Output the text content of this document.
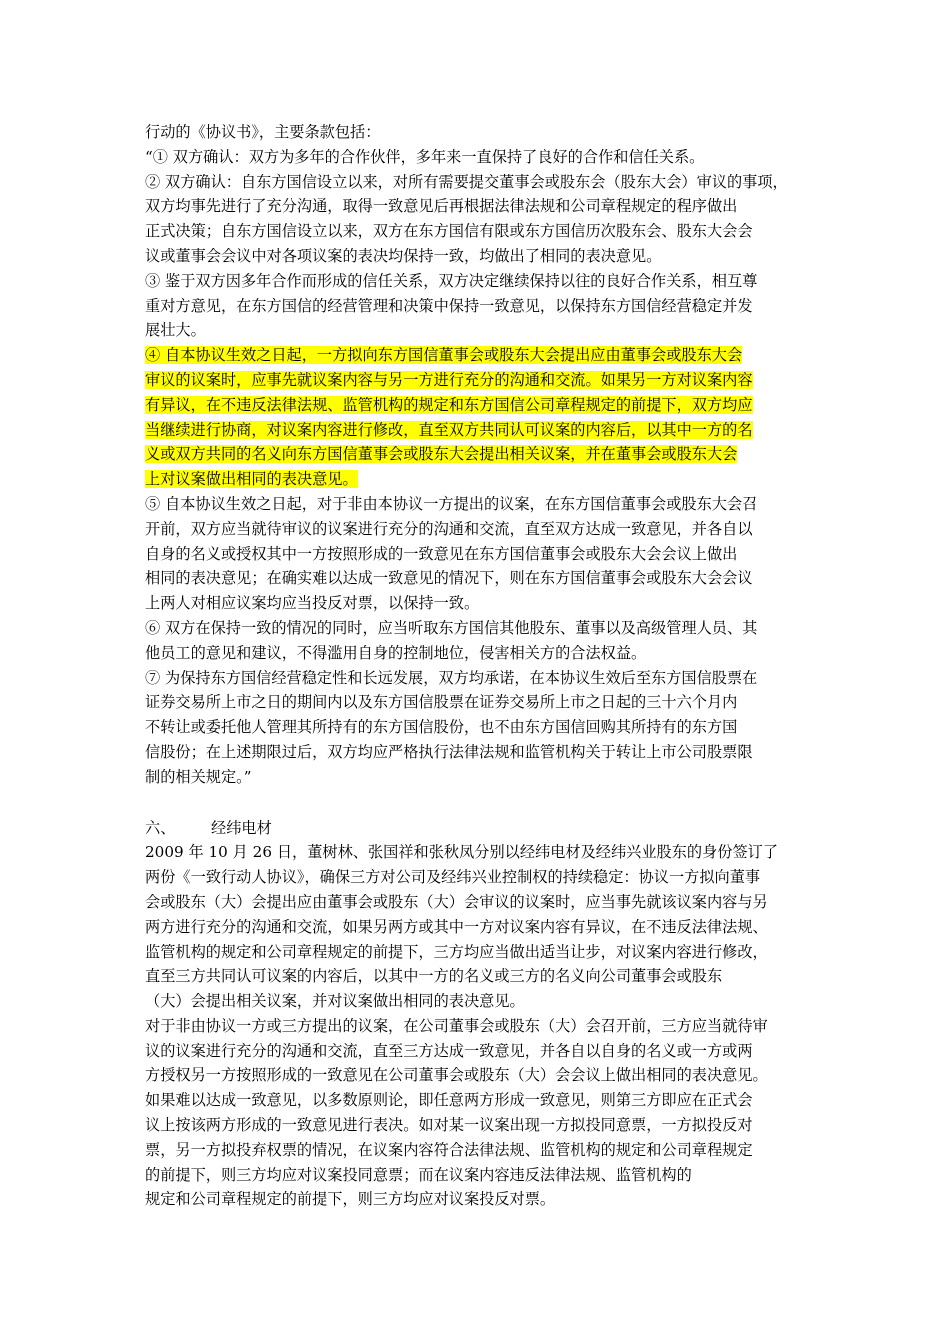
行动的《协议书》，主要条款包括：
“① 双方确认：双方为多年的合作伙伴，多年来一直保持了良好的合作和信任关系。
② 双方确认：自东方国信设立以来，对所有需要提交董事会或股东会（股东大会）审议的事项，
双方均事先进行了充分沟通，取得一致意见后再根据法律法规和公司章程规定的程序做出
正式决策；自东方国信设立以来，双方在东方国信有限或东方国信历次股东会、股东大会会
议或董事会会议中对各项议案的表决均保持一致，均做出了相同的表决意见。
③ 鉴于双方因多年合作而形成的信任关系，双方决定继续保持以往的良好合作关系，相互尊
重对方意见，在东方国信的经营管理和决策中保持一致意见，以保持东方国信经营稳定并发
展壮大。
④ 自本协议生效之日起，一方拟向东方国信董事会或股东大会提出应由董事会或股东大会
审议的议案时，应事先就议案内容与另一方进行充分的沟通和交流。如果另一方对议案内容
有异议，在不违反法律法规、监管机构的规定和东方国信公司章程规定的前提下，双方均应
当继续进行协商，对议案内容进行修改，直至双方共同认可议案的内容后，以其中一方的名
义或双方共同的名义向东方国信董事会或股东大会提出相关议案，并在董事会或股东大会
上对议案做出相同的表决意见。
⑤ 自本协议生效之日起，对于非由本协议一方提出的议案，在东方国信董事会或股东大会召
开前，双方应当就待审议的议案进行充分的沟通和交流，直至双方达成一致意见，并各自以
自身的名义或授权其中一方按照形成的一致意见在东方国信董事会或股东大会会议上做出
相同的表决意见；在确实难以达成一致意见的情况下，则在东方国信董事会或股东大会会议
上两人对相应议案均应当投反对票，以保持一致。
⑥ 双方在保持一致的情况的同时，应当听取东方国信其他股东、董事以及高级管理人员、其
他员工的意见和建议，不得滥用自身的控制地位，侵害相关方的合法权益。
⑦ 为保持东方国信经营稳定性和长远发展，双方均承诺，在本协议生效后至东方国信股票在
证券交易所上市之日的期间内以及东方国信股票在证券交易所上市之日起的三十六个月内
不转让或委托他人管理其所持有的东方国信股份，也不由东方国信回购其所持有的东方国
信股份；在上述期限过后，双方均应严格执行法律法规和监管机构关于转让上市公司股票限
制的相关规定。”
六、 经纬电材
2009 年 10 月 26 日，董树林、张国祥和张秋凤分别以经纬电材及经纬兴业股东的身份签订了
两份《一致行动人协议》，确保三方对公司及经纬兴业控制权的持续稳定：协议一方拟向董事
会或股东（大）会提出应由董事会或股东（大）会审议的议案时，应当事先就该议案内容与另
两方进行充分的沟通和交流，如果另两方或其中一方对议案内容有异议，在不违反法律法规、
监管机构的规定和公司章程规定的前提下，三方均应当做出适当让步，对议案内容进行修改，
直至三方共同认可议案的内容后，以其中一方的名义或三方的名义向公司董事会或股东
（大）会提出相关议案，并对议案做出相同的表决意见。
对于非由协议一方或三方提出的议案，在公司董事会或股东（大）会召开前，三方应当就待审
议的议案进行充分的沟通和交流，直至三方达成一致意见，并各自以自身的名义或一方或两
方授权另一方按照形成的一致意见在公司董事会或股东（大）会会议上做出相同的表决意见。
如果难以达成一致意见，以多数原则论，即任意两方形成一致意见，则第三方即应在正式会
议上按该两方形成的一致意见进行表决。如对某一议案出现一方拟投同意票，一方拟投反对
票，另一方拟投弃权票的情况，在议案内容符合法律法规、监管机构的规定和公司章程规定
的前提下，则三方均应对议案投同意票；而在议案内容违反法律法规、监管机构的
规定和公司章程规定的前提下，则三方均应对议案投反对票。
